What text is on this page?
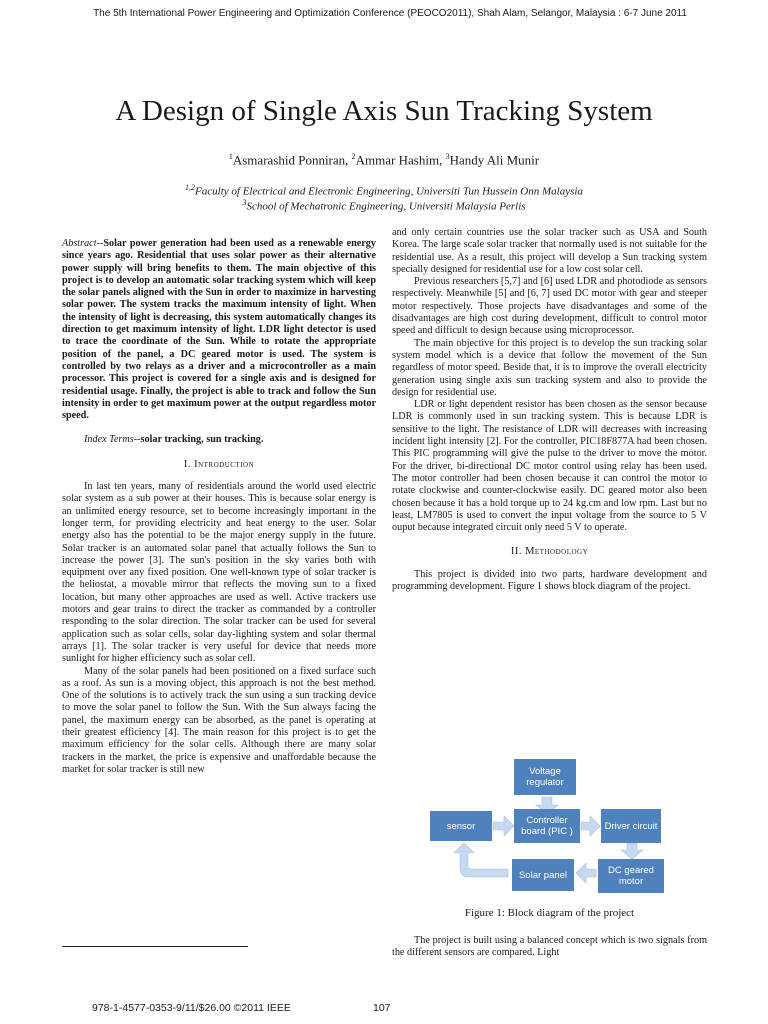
The 5th International Power Engineering and Optimization Conference (PEOCO2011), Shah Alam, Selangor, Malaysia : 6-7 June 2011
A Design of Single Axis Sun Tracking System
$^1$Asmarashid Ponniran, $^2$Ammar Hashim, $^3$Handy Ali Munir
$^{1,2}$Faculty of Electrical and Electronic Engineering, Universiti Tun Hussein Onn Malaysia
$^3$School of Mechatronic Engineering, Universiti Malaysia Perlis

Abstract--Solar power generation had been used as a renewable energy since years ago. Residential that uses solar power as their alternative power supply will bring benefits to them. The main objective of this project is to develop an automatic solar tracking system which will keep the solar panels aligned with the Sun in order to maximize in harvesting solar power. The system tracks the maximum intensity of light. When the intensity of light is decreasing, this system automatically changes its direction to get maximum intensity of light. LDR light detector is used to trace the coordinate of the Sun. While to rotate the appropriate position of the panel, a DC geared motor is used. The system is controlled by two relays as a driver and a microcontroller as a main processor. This project is covered for a single axis and is designed for residential usage. Finally, the project is able to track and follow the Sun intensity in order to get maximum power at the output regardless motor speed.

Index Terms--solar tracking, sun tracking.

I. Introduction

In last ten years, many of residentials around the world used electric solar system as a sub power at their houses. This is because solar energy is an unlimited energy resource, set to become increasingly important in the longer term, for providing electricity and heat energy to the user. Solar energy also has the potential to be the major energy supply in the future. Solar tracker is an automated solar panel that actually follows the Sun to increase the power [3]. The sun's position in the sky varies both with equipment over any fixed position. One well-known type of solar tracker is the heliostat, a movable mirror that reflects the moving sun to a fixed location, but many other approaches are used as well. Active trackers use motors and gear trains to direct the tracker as commanded by a controller responding to the solar direction. The solar tracker can be used for several application such as solar cells, solar day-lighting system and solar thermal arrays [1]. The solar tracker is very useful for device that needs more sunlight for higher efficiency such as solar cell.

Many of the solar panels had been positioned on a fixed surface such as a roof. As sun is a moving object, this approach is not the best method. One of the solutions is to actively track the sun using a sun tracking device to move the solar panel to follow the Sun. With the Sun always facing the panel, the maximum energy can be absorbed, as the panel is operating at their greatest efficiency [4]. The main reason for this project is to get the maximum efficiency for the solar cells. Although there are many solar trackers in the market, the price is expensive and unaffordable because the market for solar tracker is still new

and only certain countries use the solar tracker such as USA and South Korea. The large scale solar tracker that normally used is not suitable for the residential use. As a result, this project will develop a Sun tracking system specially designed for residential use for a low cost solar cell.

Previous researchers [5,7] and [6] used LDR and photodiode as sensors respectively. Meanwhile [5] and [6, 7] used DC motor with gear and steeper motor respectively. Those projects have disadvantages and some of the disadvantages are high cost during development, difficult to control motor speed and difficult to design because using microprocessor.

The main objective for this project is to develop the sun tracking solar system model which is a device that follow the movement of the Sun regardless of motor speed. Beside that, it is to improve the overall electricity generation using single axis sun tracking system and also to provide the design for residential use.

LDR or light dependent resistor has been chosen as the sensor because LDR is commonly used in sun tracking system. This is because LDR is sensitive to the light. The resistance of LDR will decreases with increasing incident light intensity [2]. For the controller, PIC18F877A had been chosen. This PIC programming will give the pulse to the driver to move the motor. For the driver, bi-directional DC motor control using relay has been used. The motor controller had been chosen because it can control the motor to rotate clockwise and counter-clockwise easily. DC geared motor also been chosen because it has a hold torque up to 24 kg.cm and low rpm. Last but no least, LM7805 is used to convert the input voltage from the source to 5 V ouput because integrated circuit only need 5 V to operate.

II. Methodology

This project is divided into two parts, hardware development and programming development. Figure 1 shows block diagram of the project.

Voltage regulator
sensor	Controller board (PIC )	Driver circuit
DC geared motor
Solar panel
Figure 1: Block diagram of the project

The project is built using a balanced concept which is two signals from the different sensors are compared. Light

978-1-4577-0353-9/11/$26.00 ©2011 IEEE	107
